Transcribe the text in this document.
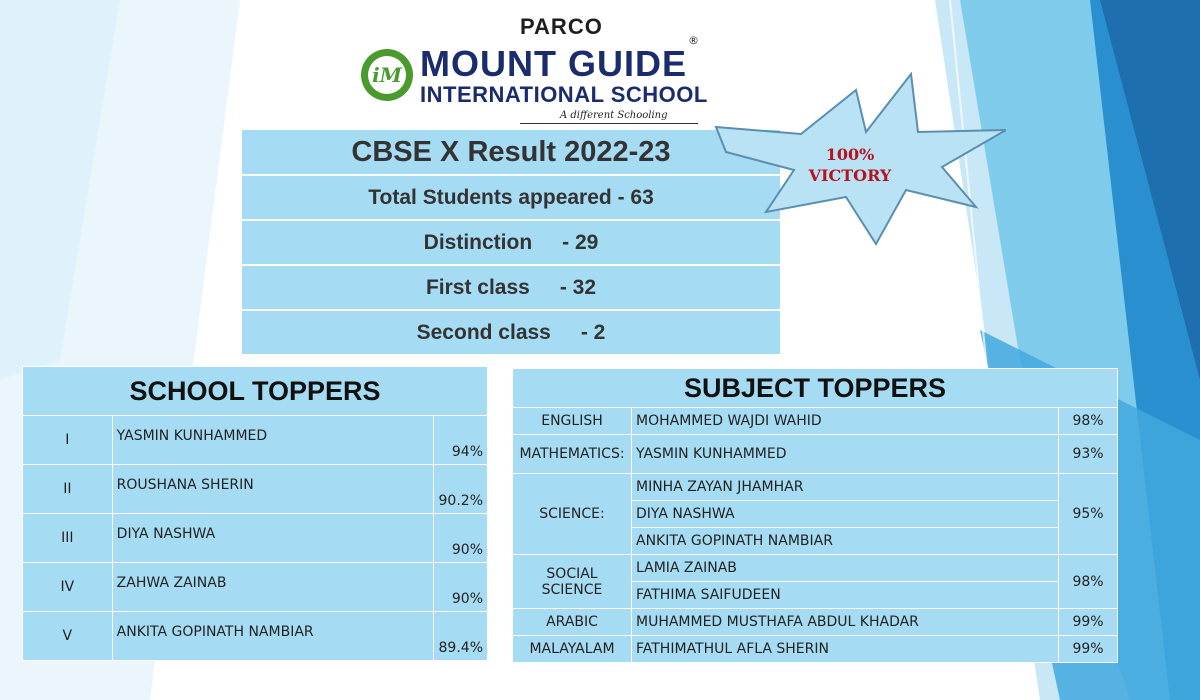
PARCO
iM MOUNT GUIDE
INTERNATIONAL SCHOOL
®
A different Schooling
CBSE X Result 2022-23
Total Students appeared - 63
Distinction - 29
First class - 32
Second class - 2
100%
VICTORY
SCHOOL TOPPERS		
I	YASMIN KUNHAMMED	94%
II	ROUSHANA SHERIN	90.2%
III	DIYA NASHWA	90%
IV	ZAHWA ZAINAB	90%
V	ANKITA GOPINATH NAMBIAR	89.4%
SUBJECT TOPPERS		
ENGLISH	MOHAMMED WAJDI WAHID	98%
MATHEMATICS:	YASMIN KUNHAMMED	93%
SCIENCE:	MINHA ZAYAN JHAMHAR	95%
	DIYA NASHWA	
	ANKITA GOPINATH NAMBIAR	

SOCIAL
SCIENCE	LAMIA ZAINAB	98%
	FATHIMA SAIFUDEEN	
ARABIC	MUHAMMED MUSTHAFA ABDUL KHADAR	99%
MALAYALAM	FATHIMATHUL AFLA SHERIN	99%
